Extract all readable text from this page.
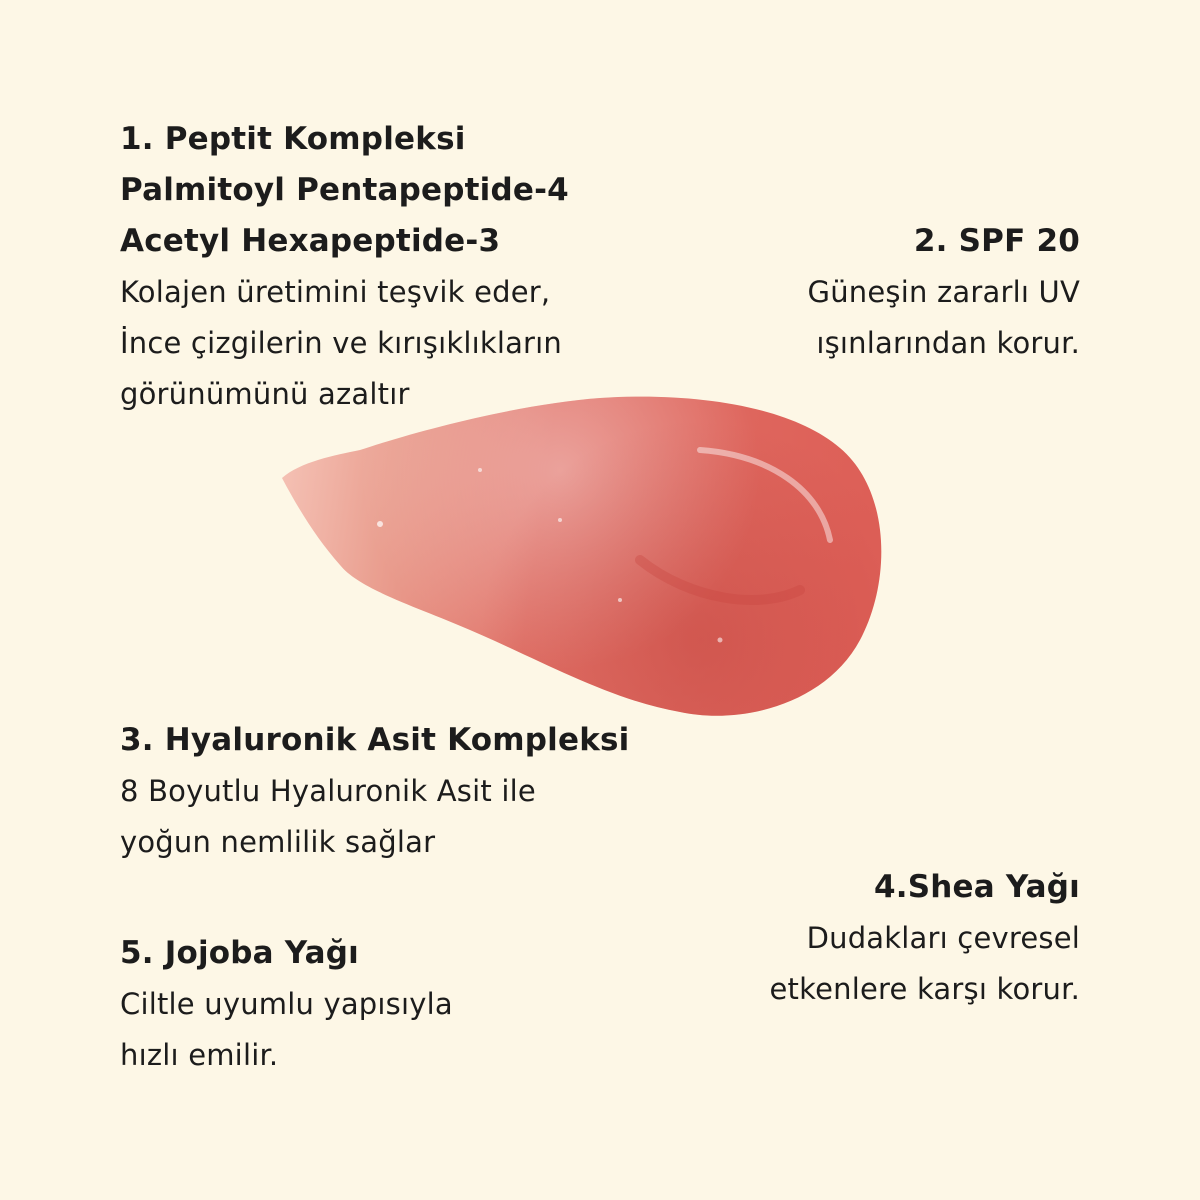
1. Peptit Kompleksi
Palmitoyl Pentapeptide-4
Acetyl Hexapeptide-3
Kolajen üretimini teşvik eder,
İnce çizgilerin ve kırışıklıkların
görünümünü azaltır
2. SPF 20
Güneşin zararlı UV
ışınlarından korur.
3. Hyaluronik Asit Kompleksi
8 Boyutlu Hyaluronik Asit ile
yoğun nemlilik sağlar
4.Shea Yağı
Dudakları çevresel
etkenlere karşı korur.
5. Jojoba Yağı
Ciltle uyumlu yapısıyla
hızlı emilir.
